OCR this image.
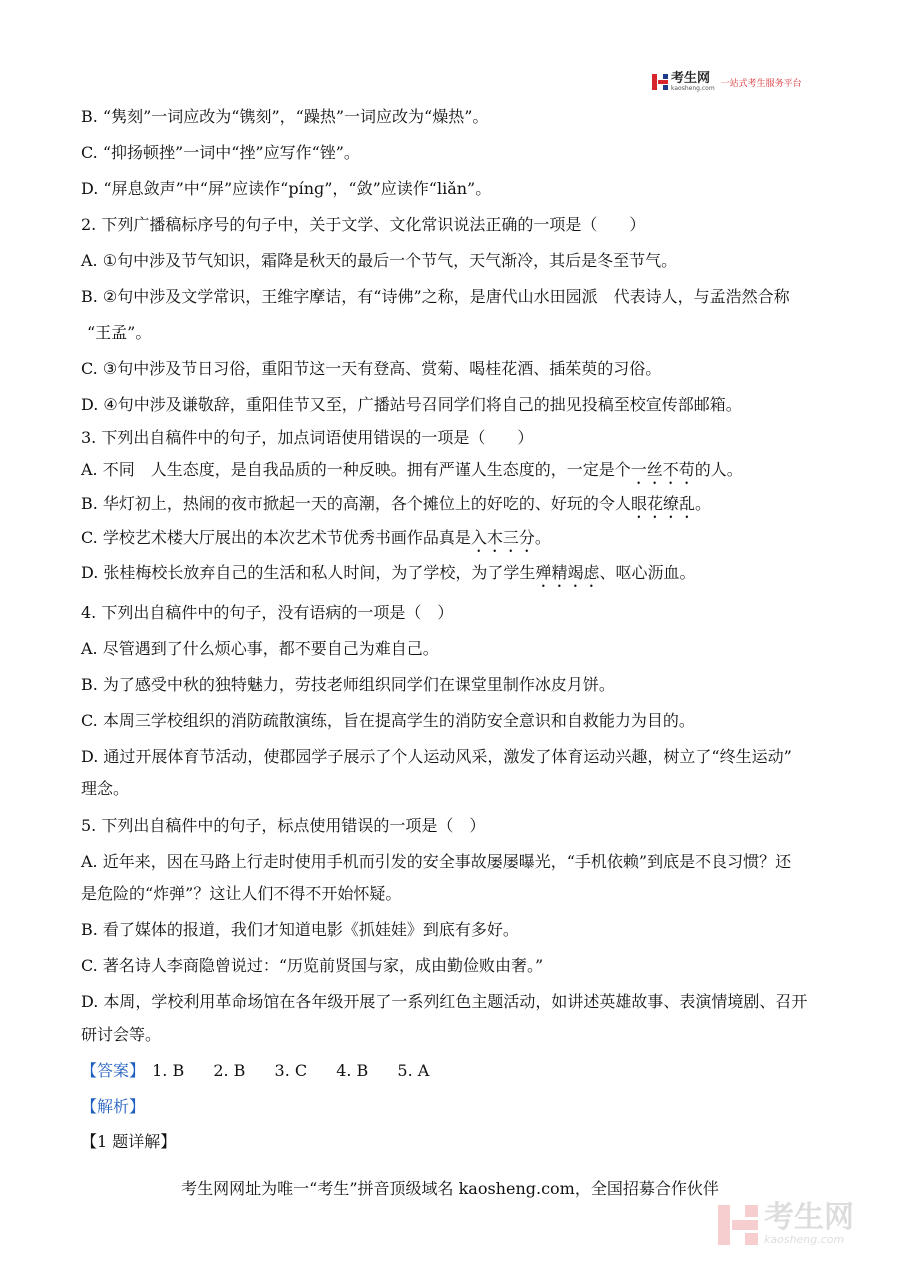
考生网
kaosheng.com 一站式考生服务平台
B. “隽刻”一词应改为“镌刻”，“躁热”一词应改为“燥热”。
C. “抑扬顿挫”一词中“挫”应写作“锉”。
D. “屏息敛声”中“屏”应读作“pínɡ”，“敛”应读作“liǎn”。
2. 下列广播稿标序号的句子中，关于文学、文化常识说法正确的一项是（　　）
A. ①句中涉及节气知识，霜降是秋天的最后一个节气，天气渐冷，其后是冬至节气。
B. ②句中涉及文学常识，王维字摩诘，有“诗佛”之称，是唐代山水田园派　代表诗人，与孟浩然合称
“王孟”。
C. ③句中涉及节日习俗，重阳节这一天有登高、赏菊、喝桂花酒、插茱萸的习俗。
D. ④句中涉及谦敬辞，重阳佳节又至，广播站号召同学们将自己的拙见投稿至校宣传部邮箱。
3. 下列出自稿件中的句子，加点词语使用错误的一项是（　　）
A. 不同　人生态度，是自我品质的一种反映。拥有严谨人生态度的，一定是个一丝不苟的人。
B. 华灯初上，热闹的夜市掀起一天的高潮，各个摊位上的好吃的、好玩的令人眼花缭乱。
C. 学校艺术楼大厅展出的本次艺术节优秀书画作品真是入木三分。
D. 张桂梅校长放弃自己的生活和私人时间，为了学校，为了学生殚精竭虑、呕心沥血。
4. 下列出自稿件中的句子，没有语病的一项是（　）
A. 尽管遇到了什么烦心事，都不要自己为难自己。
B. 为了感受中秋的独特魅力，劳技老师组织同学们在课堂里制作冰皮月饼。
C. 本周三学校组织的消防疏散演练，旨在提高学生的消防安全意识和自救能力为目的。
D. 通过开展体育节活动，使郡园学子展示了个人运动风采，激发了体育运动兴趣，树立了“终生运动”
理念。
5. 下列出自稿件中的句子，标点使用错误的一项是（　）
A. 近年来，因在马路上行走时使用手机而引发的安全事故屡屡曝光，“手机依赖”到底是不良习惯？还
是危险的“炸弹”？这让人们不得不开始怀疑。
B. 看了媒体的报道，我们才知道电影《抓娃娃》到底有多好。
C. 著名诗人李商隐曾说过：“历览前贤国与家，成由勤俭败由奢。”
D. 本周，学校利用革命场馆在各年级开展了一系列红色主题活动，如讲述英雄故事、表演情境剧、召开
研讨会等。
【答案】 1. B 2. B 3. C 4. B 5. A
【解析】
【1 题详解】
考生网网址为唯一“考生”拼音顶级域名 kaosheng.com，全国招募合作伙伴
考生网
kaosheng.com
